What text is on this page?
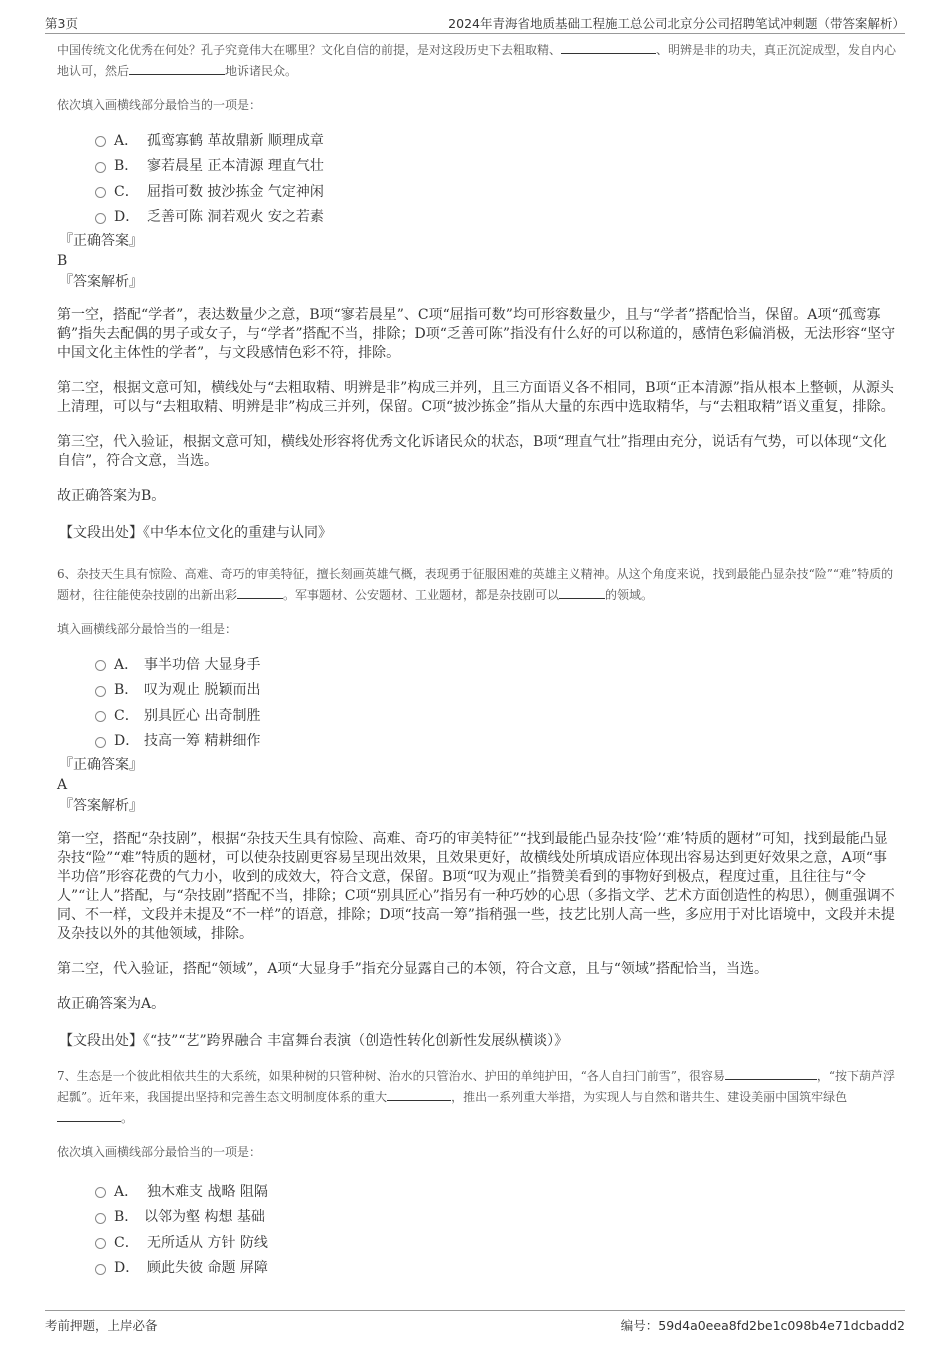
第3页	2024年青海省地质基础工程施工总公司北京分公司招聘笔试冲刺题（带答案解析）
中国传统文化优秀在何处？孔子究竟伟大在哪里？文化自信的前提，是对这段历史下去粗取精、	、明辨是非的功夫，真正沉淀成型，发自内心地认可，然后	地诉诸民众。
依次填入画横线部分最恰当的一项是：
A． 孤鸾寡鹤 革故鼎新 顺理成章
B． 寥若晨星 正本清源 理直气壮
C． 屈指可数 披沙拣金 气定神闲
D． 乏善可陈 洞若观火 安之若素
『正确答案』
B
『答案解析』
第一空，搭配“学者”，表达数量少之意，B项“寥若晨星”、C项“屈指可数”均可形容数量少，且与“学者”搭配恰当，保留。A项“孤鸾寡鹤”指失去配偶的男子或女子，与“学者”搭配不当，排除；D项“乏善可陈”指没有什么好的可以称道的，感情色彩偏消极，无法形容“坚守中国文化主体性的学者”，与文段感情色彩不符，排除。
第二空，根据文意可知，横线处与“去粗取精、明辨是非”构成三并列，且三方面语义各不相同，B项“正本清源”指从根本上整顿，从源头上清理，可以与“去粗取精、明辨是非”构成三并列，保留。C项“披沙拣金”指从大量的东西中选取精华，与“去粗取精”语义重复，排除。
第三空，代入验证，根据文意可知，横线处形容将优秀文化诉诸民众的状态，B项“理直气壮”指理由充分，说话有气势，可以体现“文化自信”，符合文意，当选。
故正确答案为B。
【文段出处】《中华本位文化的重建与认同》
6、杂技天生具有惊险、高难、奇巧的审美特征，擅长刻画英雄气概，表现勇于征服困难的英雄主义精神。从这个角度来说，找到最能凸显杂技“险”“难”特质的题材，往往能使杂技剧的出新出彩	。军事题材、公安题材、工业题材，都是杂技剧可以	的领域。
填入画横线部分最恰当的一组是：
A． 事半功倍 大显身手
B． 叹为观止 脱颖而出
C． 别具匠心 出奇制胜
D． 技高一筹 精耕细作
『正确答案』
A
『答案解析』
第一空，搭配“杂技剧”，根据“杂技天生具有惊险、高难、奇巧的审美特征”“找到最能凸显杂技‘险’‘难’特质的题材”可知，找到最能凸显杂技“险”“难”特质的题材，可以使杂技剧更容易呈现出效果，且效果更好，故横线处所填成语应体现出容易达到更好效果之意，A项“事半功倍”形容花费的气力小，收到的成效大，符合文意，保留。B项“叹为观止”指赞美看到的事物好到极点，程度过重，且往往与“令人”“让人”搭配，与“杂技剧”搭配不当，排除；C项“别具匠心”指另有一种巧妙的心思（多指文学、艺术方面创造性的构思），侧重强调不同、不一样，文段并未提及“不一样”的语意，排除；D项“技高一筹”指稍强一些，技艺比别人高一些，多应用于对比语境中，文段并未提及杂技以外的其他领域，排除。
第二空，代入验证，搭配“领域”，A项“大显身手”指充分显露自己的本领，符合文意，且与“领域”搭配恰当，当选。
故正确答案为A。
【文段出处】《“技”“艺”跨界融合 丰富舞台表演（创造性转化创新性发展纵横谈）》
7、生态是一个彼此相依共生的大系统，如果种树的只管种树、治水的只管治水、护田的单纯护田，“各人自扫门前雪”，很容易	，“按下葫芦浮起瓢”。近年来，我国提出坚持和完善生态文明制度体系的重大	，推出一系列重大举措，为实现人与自然和谐共生、建设美丽中国筑牢绿色。
依次填入画横线部分最恰当的一项是：
A． 独木难支 战略 阻隔
B． 以邻为壑 构想 基础
C． 无所适从 方针 防线
D． 顾此失彼 命题 屏障
考前押题，上岸必备	编号：59d4a0eea8fd2be1c098b4e71dcbadd2
